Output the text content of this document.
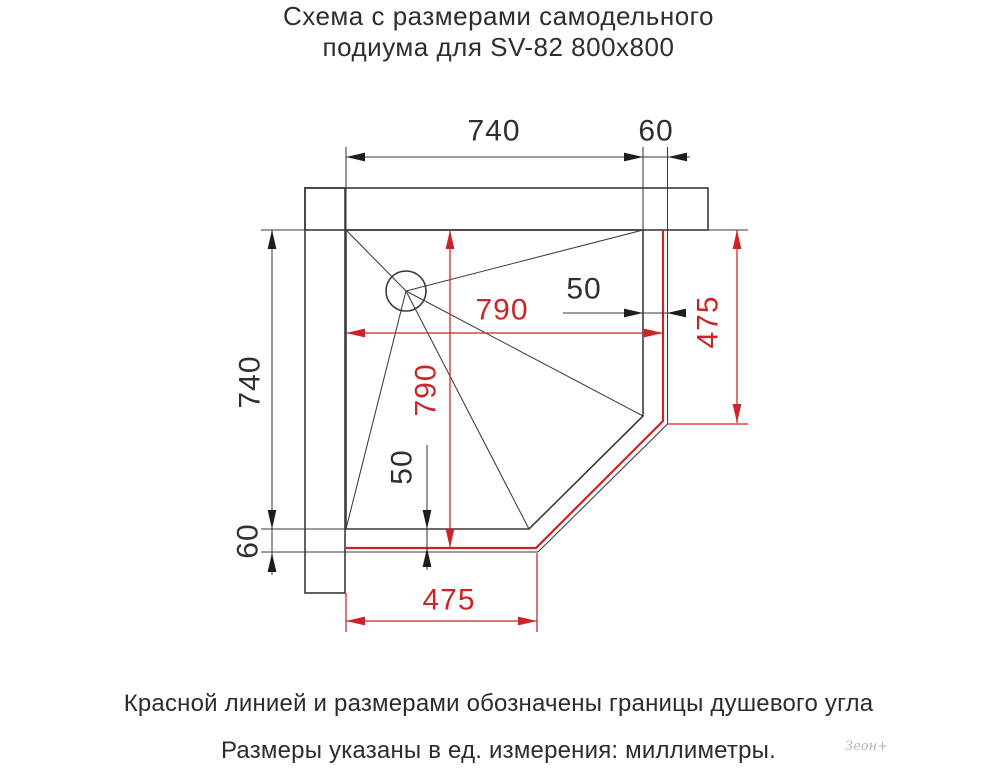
Схема с размерами самодельного
подиума для SV-82 800x800
740	60
740
60
50
50
790
790
475
475
Красной линией и размерами обозначены границы душевого угла
Размеры указаны в ед. измерения: миллиметры.	Зеон+
